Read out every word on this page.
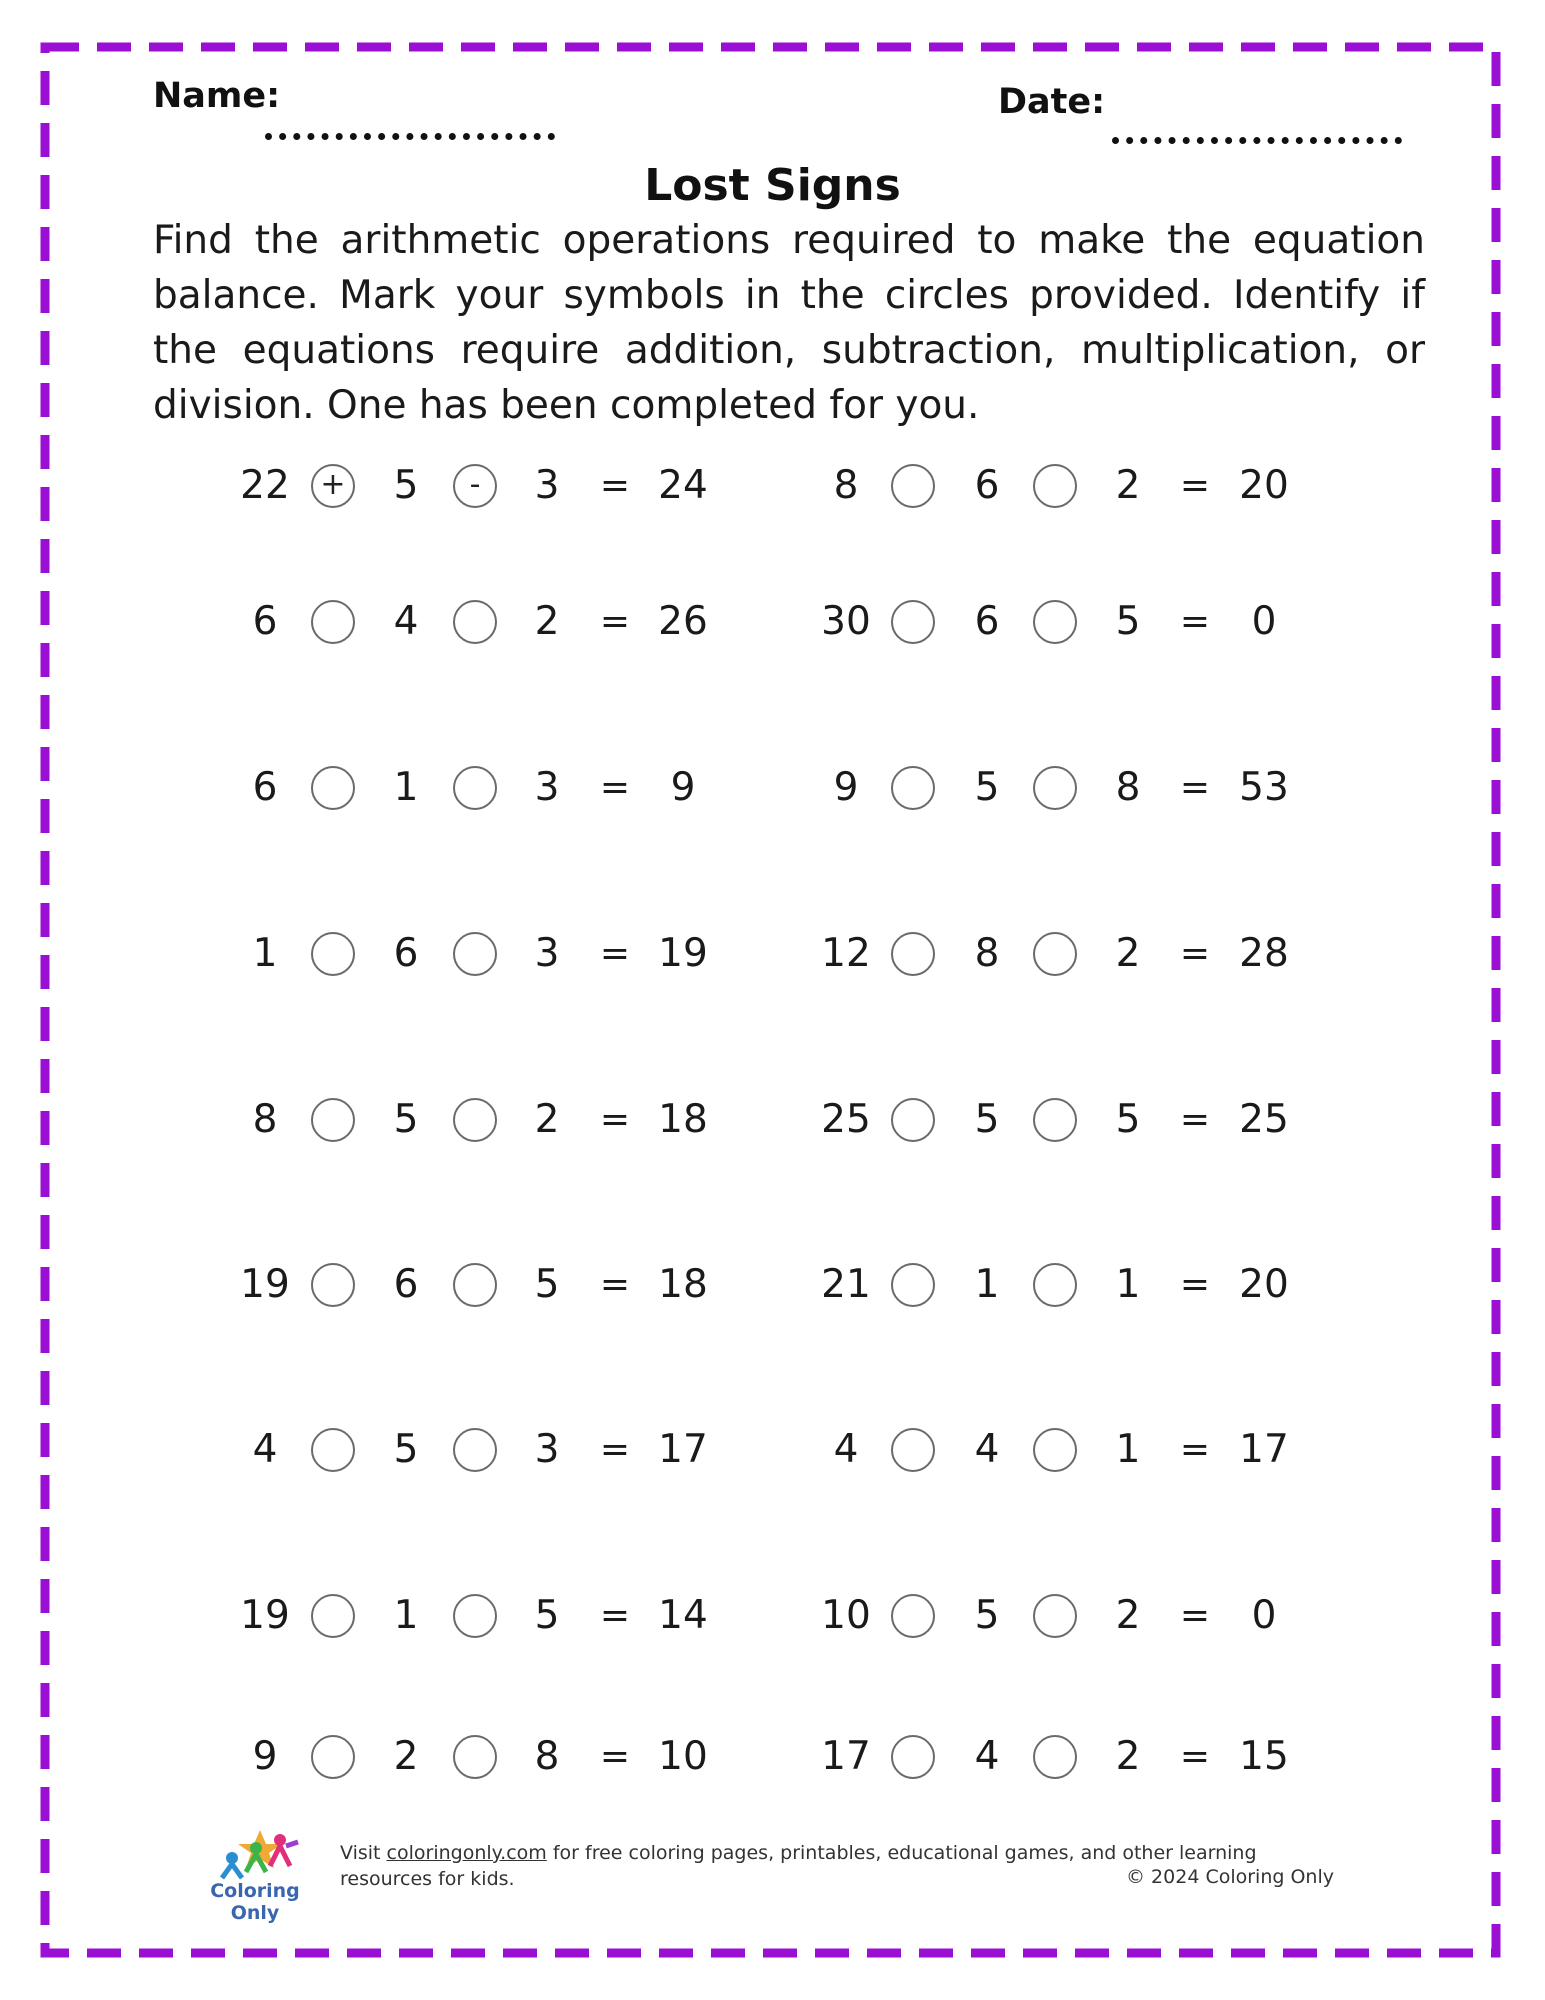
Name:	Date:
Lost Signs
Find the arithmetic operations required to make the equation balance. Mark your symbols in the circles provided. Identify if the equations require addition, subtraction, multiplication, or division. One has been completed for you.
22	+	5	-	3	= 24	8	6	2	= 20
6	4	2	= 26	30	6	5	=	0
6	1	3	=	9	9	5	8	= 53
1	6	3	= 19	12	8	2	= 28
8	5	2	= 18	25	5	5	= 25
19	6	5	= 18	21	1	1	= 20
4	5	3	= 17	4	4	1	= 17
19	1	5	= 14	10	5	2	=	0
9	2	8	= 10	17	4	2	= 15
Coloring Only
Visit coloringonly.com for free coloring pages, printables, educational games, and other learning resources for kids.	© 2024 Coloring Only
